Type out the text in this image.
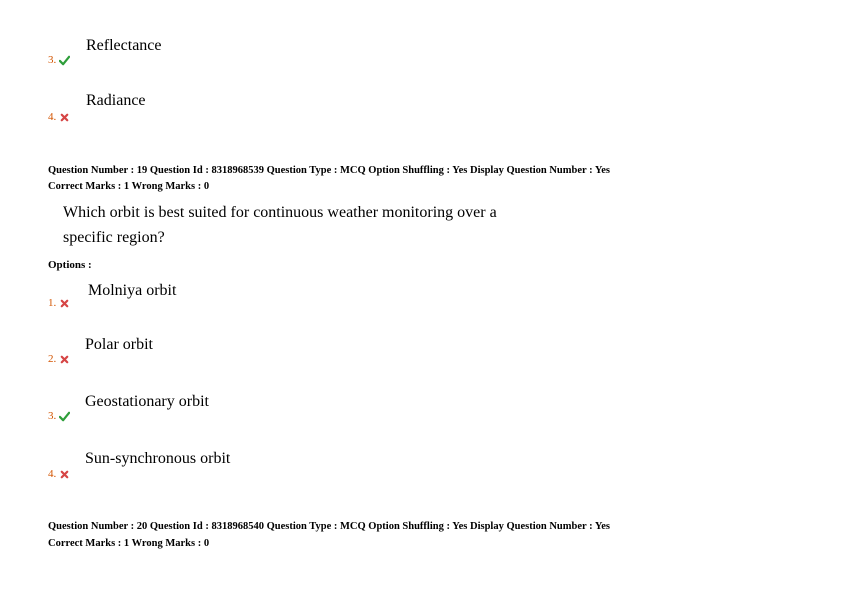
Reflectance
3.
Radiance
4.
Question Number : 19 Question Id : 8318968539 Question Type : MCQ Option Shuffling : Yes Display Question Number : Yes
Correct Marks : 1 Wrong Marks : 0
Which orbit is best suited for continuous weather monitoring over a
specific region?
Options :
Molniya orbit
1.
Polar orbit
2.
Geostationary orbit
3.
Sun-synchronous orbit
4.
Question Number : 20 Question Id : 8318968540 Question Type : MCQ Option Shuffling : Yes Display Question Number : Yes
Correct Marks : 1 Wrong Marks : 0
